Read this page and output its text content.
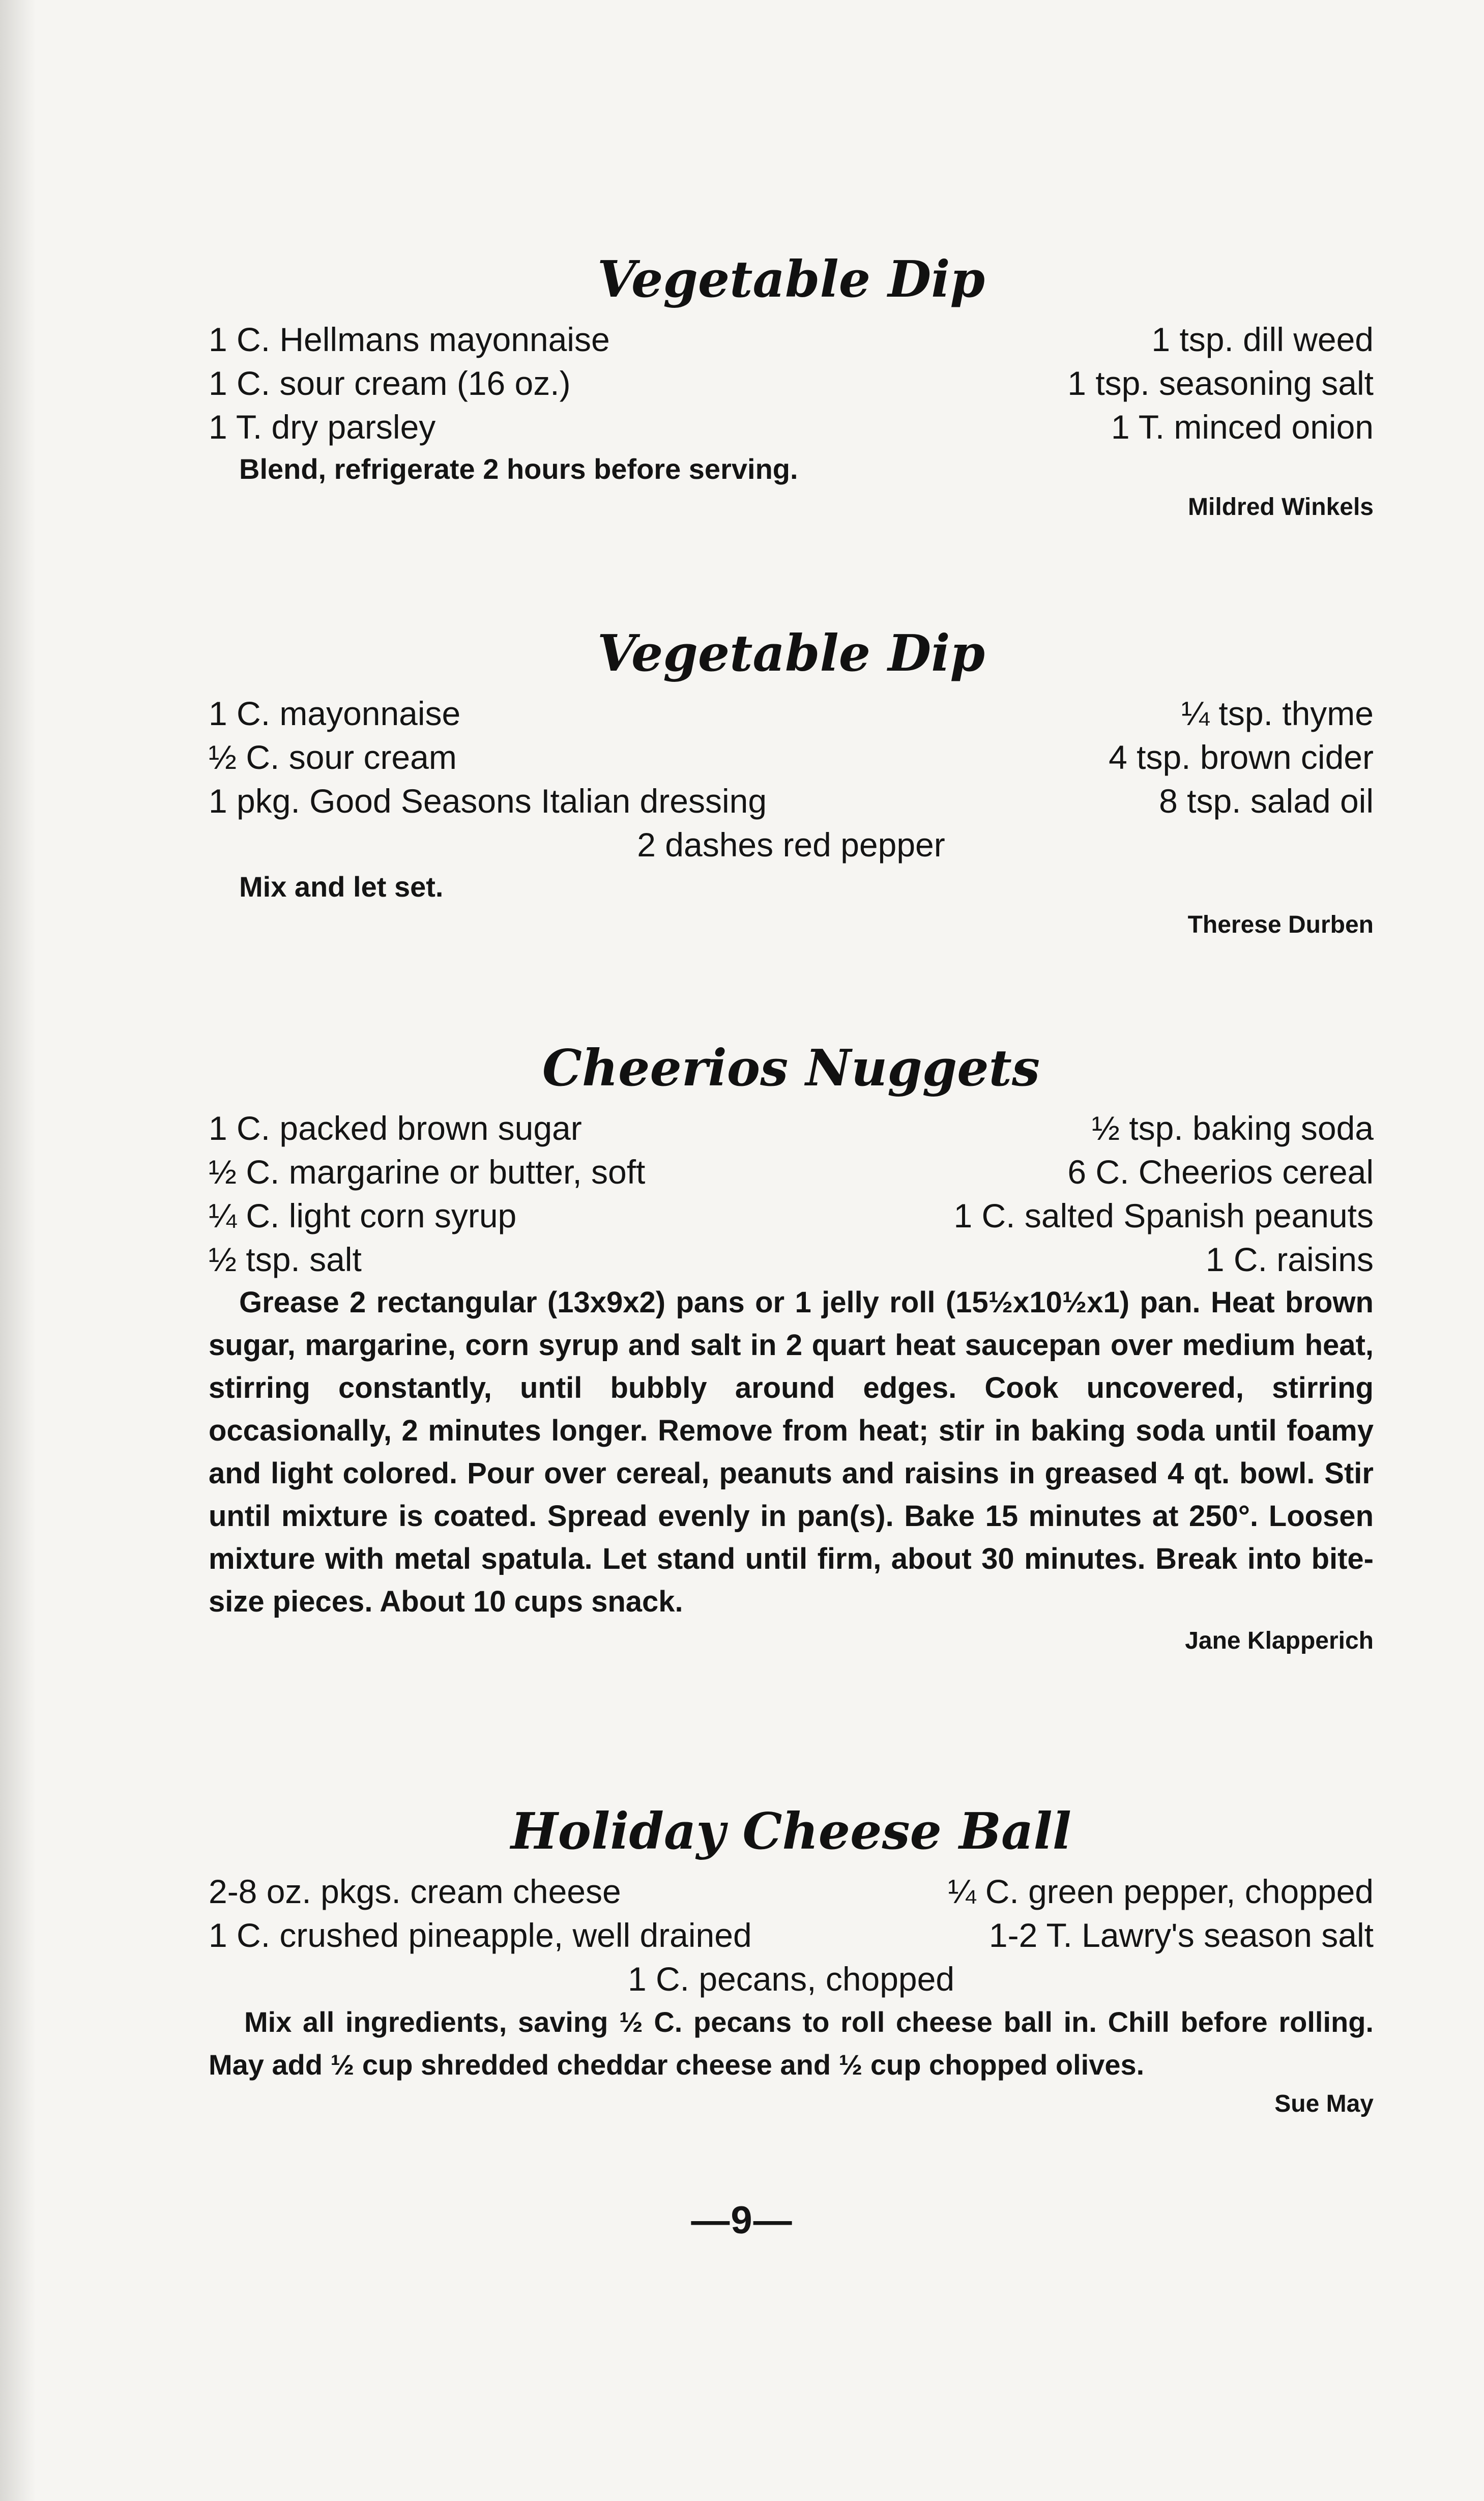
Vegetable Dip
1 C. Hellmans mayonnaise	1 tsp. dill weed
1 C. sour cream (16 oz.)	1 tsp. seasoning salt
1 T. dry parsley	1 T. minced onion
Blend, refrigerate 2 hours before serving.
Mildred Winkels
Vegetable Dip
1 C. mayonnaise	¼ tsp. thyme
½ C. sour cream	4 tsp. brown cider
1 pkg. Good Seasons Italian dressing	8 tsp. salad oil
2 dashes red pepper
Mix and let set.
Therese Durben
Cheerios Nuggets
1 C. packed brown sugar	½ tsp. baking soda
½ C. margarine or butter, soft	6 C. Cheerios cereal
¼ C. light corn syrup	1 C. salted Spanish peanuts
½ tsp. salt	1 C. raisins

Grease 2 rectangular (13x9x2) pans or 1 jelly roll (15½x10½x1) pan. Heat brown sugar, margarine, corn syrup and salt in 2 quart heat saucepan over medium heat, stirring constantly, until bubbly around edges. Cook uncovered, stirring occasionally, 2 minutes longer. Remove from heat; stir in baking soda until foamy and light colored. Pour over cereal, peanuts and raisins in greased 4 qt. bowl. Stir until mixture is coated. Spread evenly in pan(s). Bake 15 minutes at 250°. Loosen mixture with metal spatula. Let stand until firm, about 30 minutes. Break into bite-size pieces. About 10 cups snack.

Jane Klapperich
Holiday Cheese Ball
2-8 oz. pkgs. cream cheese	¼ C. green pepper, chopped
1 C. crushed pineapple, well drained	1-2 T. Lawry's season salt
1 C. pecans, chopped

Mix all ingredients, saving ½ C. pecans to roll cheese ball in. Chill before rolling. May add ½ cup shredded cheddar cheese and ½ cup chopped olives.

Sue May
—9—
